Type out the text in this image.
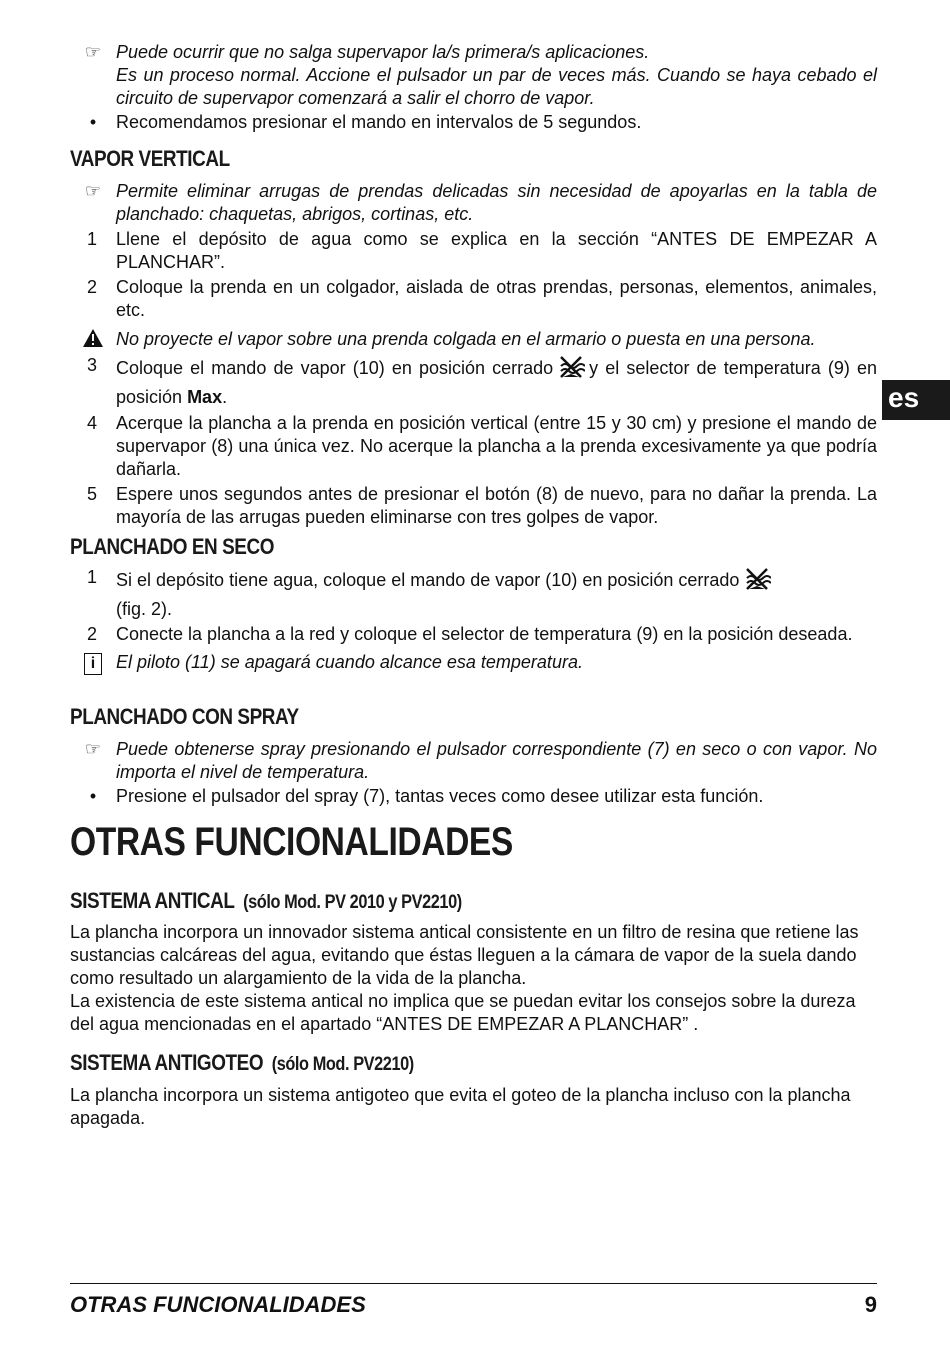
☞ Puede ocurrir que no salga supervapor la/s primera/s aplicaciones.
Es un proceso normal. Accione el pulsador un par de veces más. Cuando se haya cebado el circuito de supervapor comenzará a salir el chorro de vapor.
•	Recomendamos presionar el mando en intervalos de 5 segundos.
VAPOR VERTICAL
☞ Permite eliminar arrugas de prendas delicadas sin necesidad de apoyarlas en la tabla de planchado: chaquetas, abrigos, cortinas, etc.
1 Llene el depósito de agua como se explica en la sección “ANTES DE EMPEZAR A PLANCHAR”.
2 Coloque la prenda en un colgador, aislada de otras prendas, personas, elementos, animales, etc.
No proyecte el vapor sobre una prenda colgada en el armario o puesta en una persona.
3 Coloque el mando de vapor (10) en posición cerrado y el selector de temperatura (9) en posición Max.
4 Acerque la plancha a la prenda en posición vertical (entre 15 y 30 cm) y presione el mando de supervapor (8) una única vez. No acerque la plancha a la prenda excesivamente ya que podría dañarla.
5 Espere unos segundos antes de presionar el botón (8) de nuevo, para no dañar la prenda. La mayoría de las arrugas pueden eliminarse con tres golpes de vapor.
PLANCHADO EN SECO
1 Si el depósito tiene agua, coloque el mando de vapor (10) en posición cerrado
(fig. 2).
2 Conecte la plancha a la red y coloque el selector de temperatura (9) en la posición deseada.
i	El piloto (11) se apagará cuando alcance esa temperatura.
PLANCHADO CON SPRAY
☞ Puede obtenerse spray presionando el pulsador correspondiente (7) en seco o con vapor. No importa el nivel de temperatura.
•	Presione el pulsador del spray (7), tantas veces como desee utilizar esta función.
OTRAS FUNCIONALIDADES
SISTEMA ANTICAL (sólo Mod. PV 2010 y PV2210)
La plancha incorpora un innovador sistema antical consistente en un filtro de resina que retiene las sustancias calcáreas del agua, evitando que éstas lleguen a la cámara de vapor de la suela dando como resultado un alargamiento de la vida de la plancha.
La existencia de este sistema antical no implica que se puedan evitar los consejos sobre la dureza del agua mencionadas en el apartado “ANTES DE EMPEZAR A PLANCHAR” .
SISTEMA ANTIGOTEO (sólo Mod. PV2210)
La plancha incorpora un sistema antigoteo que evita el goteo de la plancha incluso con la plancha apagada.
es
OTRAS FUNCIONALIDADES	9
